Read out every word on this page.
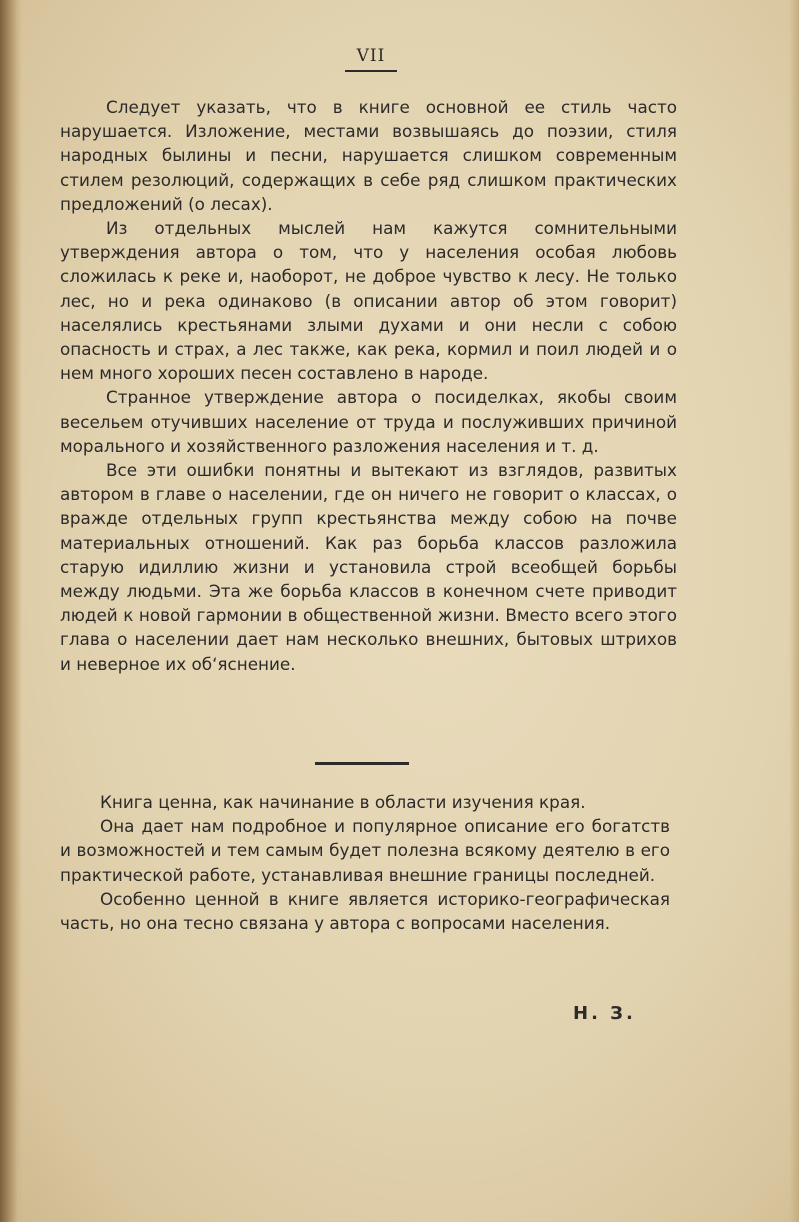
VII

Следует указать, что в книге основной ее стиль часто нарушается. Изложение, местами возвышаясь до поэзии, стиля народных былины и песни, нарушается слишком современным стилем резолюций, содержащих в себе ряд слишком практических предложений (о лесах).

Из отдельных мыслей нам кажутся сомнительными утверждения автора о том, что у населения особая любовь сложилась к реке и, наоборот, не доброе чувство к лесу. Не только лес, но и река одинаково (в описании автор об этом говорит) населялись крестьянами злыми духами и они несли с собою опасность и страх, а лес также, как река, кормил и поил людей и о нем много хороших песен составлено в народе.

Странное утверждение автора о посиделках, якобы своим весельем отучивших население от труда и послуживших причиной морального и хозяйственного разложения населения и т. д.

Все эти ошибки понятны и вытекают из взглядов, развитых автором в главе о населении, где он ничего не говорит о классах, о вражде отдельных групп крестьянства между собою на почве материальных отношений. Как раз борьба классов разложила старую идиллию жизни и установила строй всеобщей борьбы между людьми. Эта же борьба классов в конечном счете приводит людей к новой гармонии в общественной жизни. Вместо всего этого глава о населении дает нам несколько внешних, бытовых штрихов и неверное их об‘яснение.

Книга ценна, как начинание в области изучения края.

Она дает нам подробное и популярное описание его богатств и возможностей и тем самым будет полезна всякому деятелю в его практической работе, устанавливая внешние границы последней.

Особенно ценной в книге является историко-географическая часть, но она тесно связана у автора с вопросами населения.

Н. З.
